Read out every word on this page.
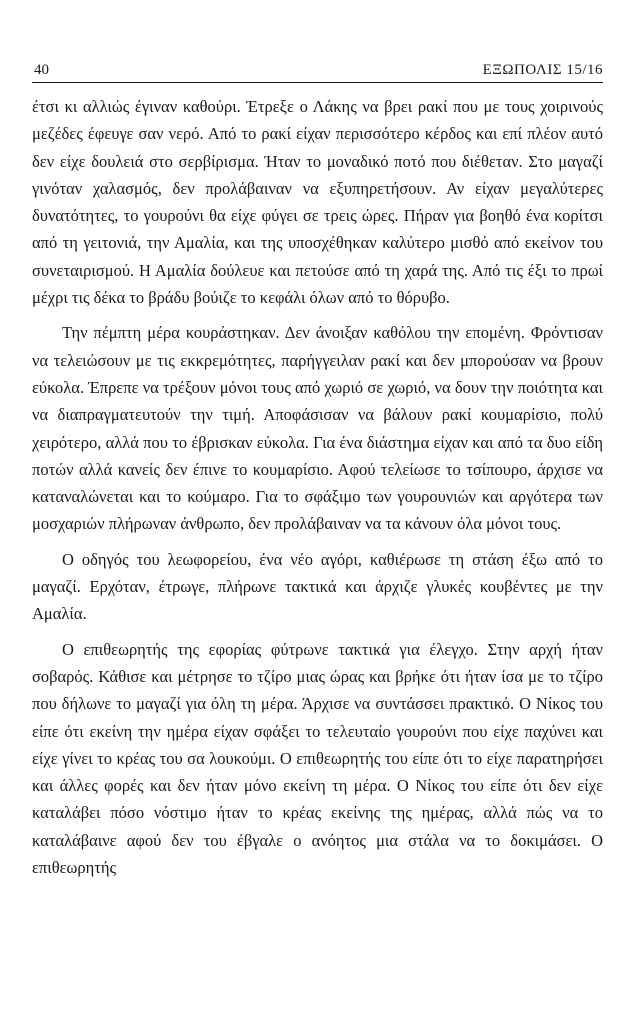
40	ΕΞΩΠΟΛΙΣ 15/16

έτσι κι αλλιώς έγιναν καθούρι. Έτρεξε ο Λάκης να βρει ρακί που με τους χοιρινούς μεζέδες έφευγε σαν νερό. Από το ρακί είχαν περισσότερο κέρδος και επί πλέον αυτό δεν είχε δουλειά στο σερβίρισμα. Ήταν το μοναδικό ποτό που διέθεταν. Στο μαγαζί γινόταν χαλασμός, δεν προλάβαιναν να εξυπηρετήσουν. Αν είχαν μεγαλύτερες δυνατότητες, το γουρούνι θα είχε φύγει σε τρεις ώρες. Πήραν για βοηθό ένα κορίτσι από τη γειτονιά, την Αμαλία, και της υποσχέθηκαν καλύτερο μισθό από εκείνον του συνεταιρισμού. Η Αμαλία δούλευε και πετούσε από τη χαρά της. Από τις έξι το πρωί μέχρι τις δέκα το βράδυ βούιζε το κεφάλι όλων από το θόρυβο.

Την πέμπτη μέρα κουράστηκαν. Δεν άνοιξαν καθόλου την επομένη. Φρόντισαν να τελειώσουν με τις εκκρεμότητες, παρήγγειλαν ρακί και δεν μπορούσαν να βρουν εύκολα. Έπρεπε να τρέξουν μόνοι τους από χωριό σε χωριό, να δουν την ποιότητα και να διαπραγματευτούν την τιμή. Αποφάσισαν να βάλουν ρακί κουμαρίσιο, πολύ χειρότερο, αλλά που το έβρισκαν εύκολα. Για ένα διάστημα είχαν και από τα δυο είδη ποτών αλλά κανείς δεν έπινε το κουμαρίσιο. Αφού τελείωσε το τσίπουρο, άρχισε να καταναλώνεται και το κούμαρο. Για το σφάξιμο των γουρουνιών και αργότερα των μοσχαριών πλήρωναν άνθρωπο, δεν προλάβαιναν να τα κάνουν όλα μόνοι τους.

Ο οδηγός του λεωφορείου, ένα νέο αγόρι, καθιέρωσε τη στάση έξω από το μαγαζί. Ερχόταν, έτρωγε, πλήρωνε τακτικά και άρχιζε γλυκές κουβέντες με την Αμαλία.

Ο επιθεωρητής της εφορίας φύτρωνε τακτικά για έλεγχο. Στην αρχή ήταν σοβαρός. Κάθισε και μέτρησε το τζίρο μιας ώρας και βρήκε ότι ήταν ίσα με το τζίρο που δήλωνε το μαγαζί για όλη τη μέρα. Άρχισε να συντάσσει πρακτικό. Ο Νίκος του είπε ότι εκείνη την ημέρα είχαν σφάξει το τελευταίο γουρούνι που είχε παχύνει και είχε γίνει το κρέας του σα λουκούμι. Ο επιθεωρητής του είπε ότι το είχε παρατηρήσει και άλλες φορές και δεν ήταν μόνο εκείνη τη μέρα. Ο Νίκος του είπε ότι δεν είχε καταλάβει πόσο νόστιμο ήταν το κρέας εκείνης της ημέρας, αλλά πώς να το καταλάβαινε αφού δεν του έβγαλε ο ανόητος μια στάλα να το δοκιμάσει. Ο επιθεωρητής
